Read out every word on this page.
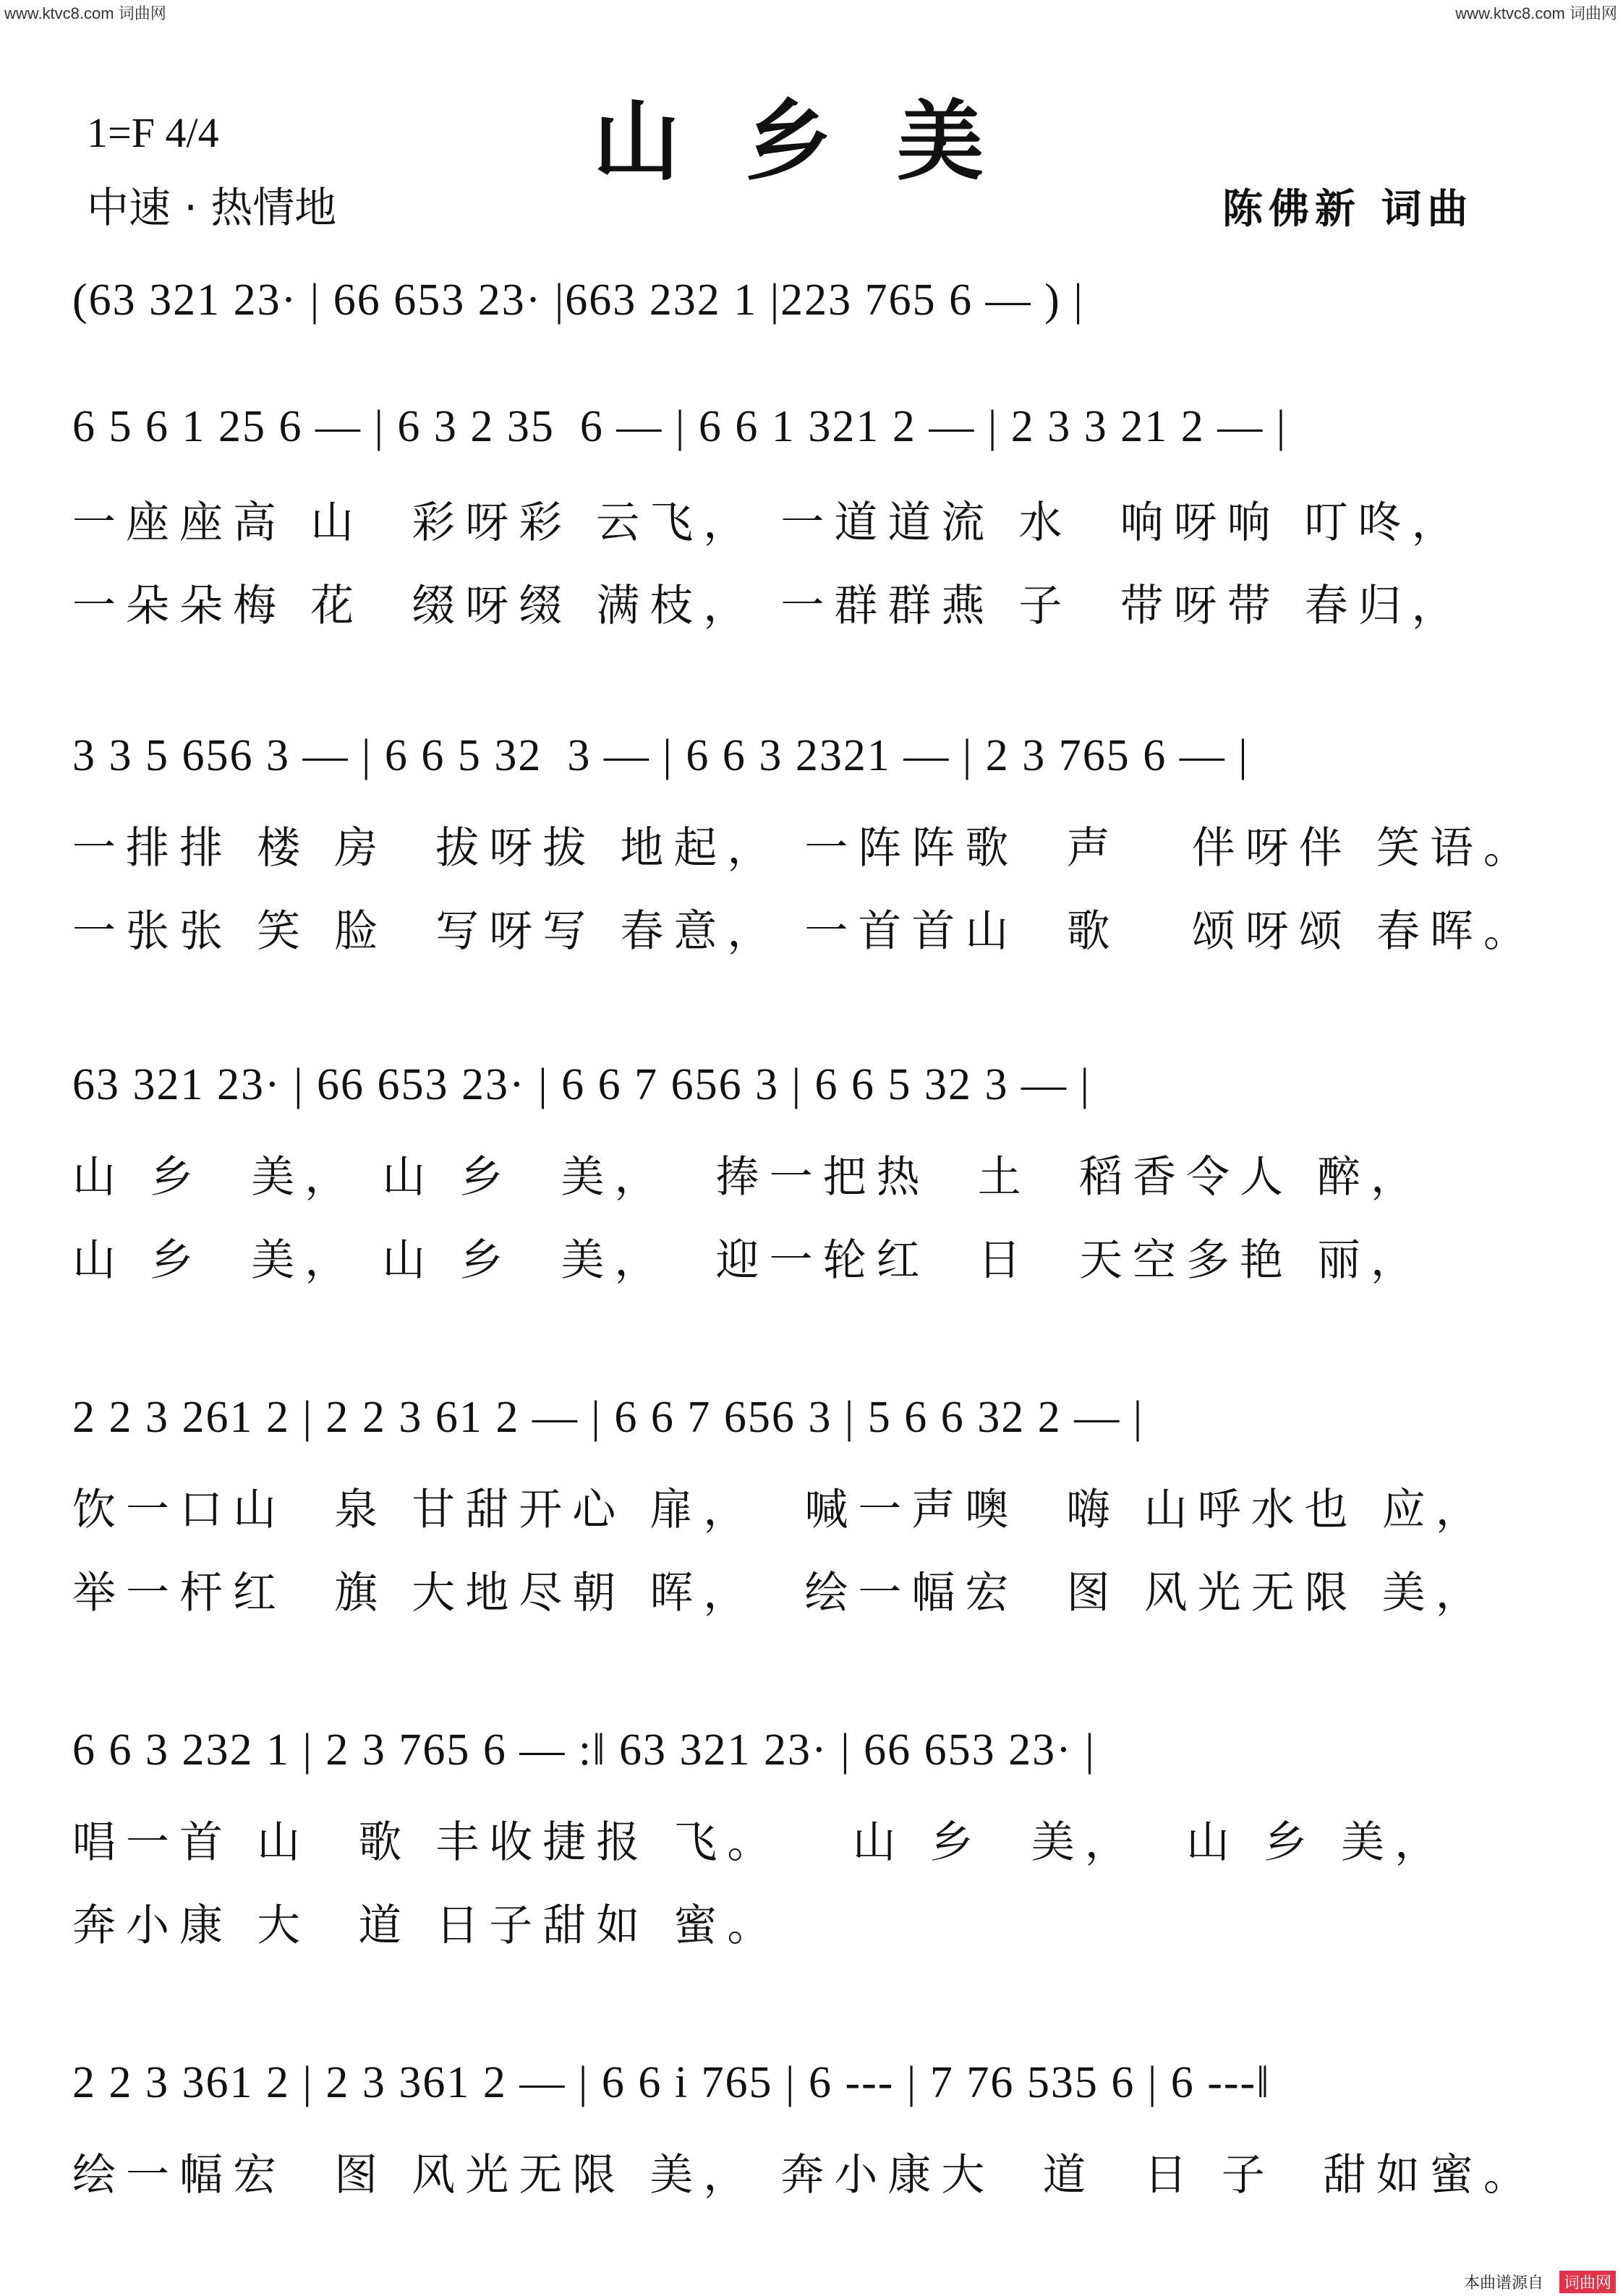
www.ktvc8.com 词曲网	www.ktvc8.com 词曲网
1=F 4/4
中速 · 热情地
山乡美
陈佛新 词曲
(63 321 23· | 66 653 23· |663 232 1 |223 765 6 — ) |
6 5 6 1 25 6 — | 6 3 2 35  6 — | 6 6 1 321 2 — | 2 3 3 21 2 — |
一座座高 山  彩呀彩 云飞， 一道道流 水  响呀响 叮咚，
一朵朵梅 花  缀呀缀 满枝， 一群群燕 子  带呀带 春归，
3 3 5 656 3 — | 6 6 5 32  3 — | 6 6 3 2321 — | 2 3 765 6 — |
一排排 楼 房  拔呀拔 地起， 一阵阵歌  声   伴呀伴 笑语。
一张张 笑 脸  写呀写 春意， 一首首山  歌   颂呀颂 春晖。
63 321 23· | 66 653 23· | 6 6 7 656 3 | 6 6 5 32 3 — |
山 乡  美， 山 乡  美，  捧一把热  土  稻香令人 醉，
山 乡  美， 山 乡  美，  迎一轮红  日  天空多艳 丽，
2 2 3 261 2 | 2 2 3 61 2 — | 6 6 7 656 3 | 5 6 6 32 2 — |
饮一口山  泉 甘甜开心 扉，  喊一声噢  嗨 山呼水也 应，
举一杆红  旗 大地尽朝 晖，  绘一幅宏  图 风光无限 美，
6 6 3 232 1 | 2 3 765 6 — :‖ 63 321 23· | 66 653 23· |
唱一首 山  歌 丰收捷报 飞。   山 乡  美，  山 乡 美，
奔小康 大  道 日子甜如 蜜。
2 2 3 361 2 | 2 3 361 2 — | 6 6 i 765 | 6 --- | 7 76 535 6 | 6 ---‖
绘一幅宏  图 风光无限 美， 奔小康大  道  日 子  甜如蜜。
本曲谱源自 词曲网
